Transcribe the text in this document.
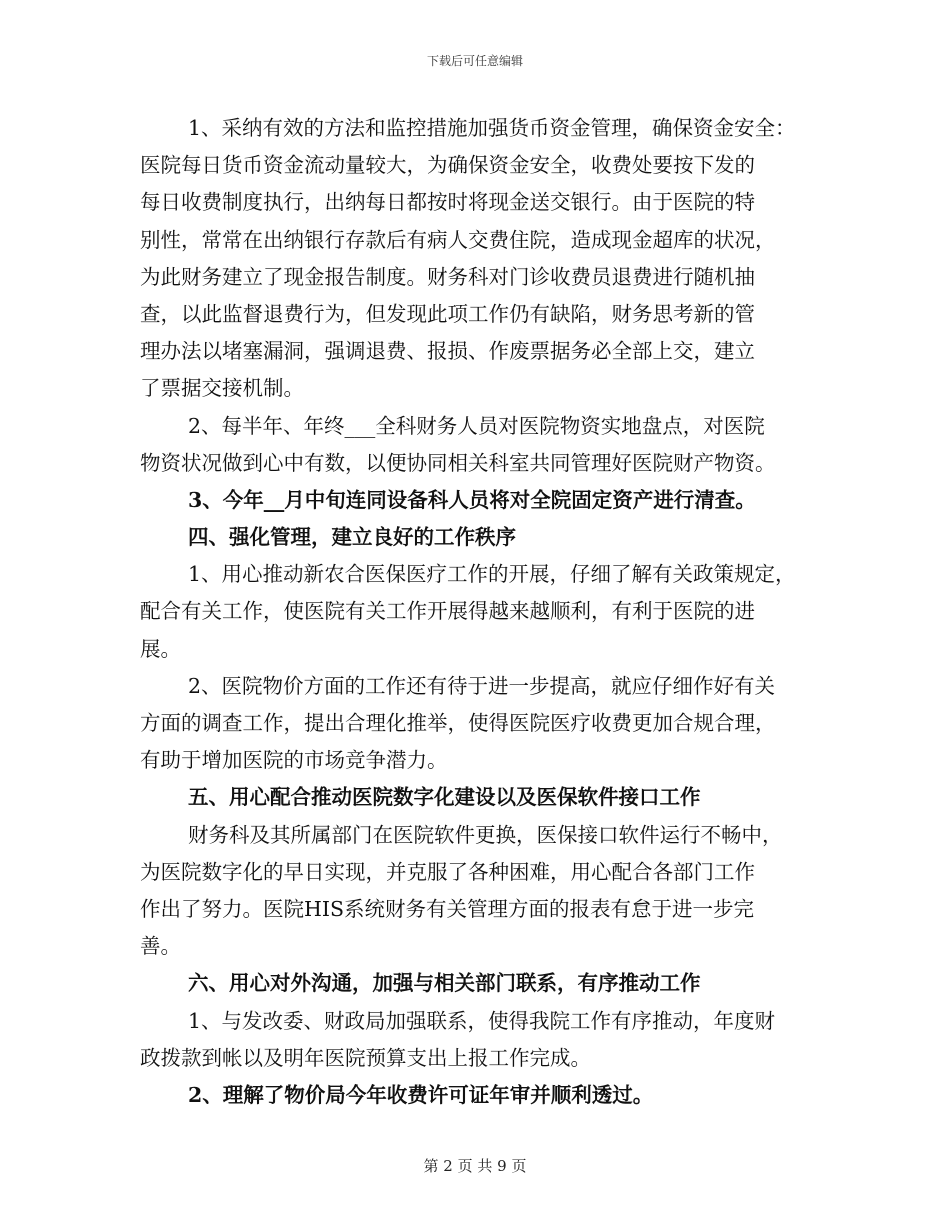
下载后可任意编辑
1、采纳有效的方法和监控措施加强货币资金管理，确保资金安全：
医院每日货币资金流动量较大，为确保资金安全，收费处要按下发的
每日收费制度执行，出纳每日都按时将现金送交银行。由于医院的特
别性，常常在出纳银行存款后有病人交费住院，造成现金超库的状况，
为此财务建立了现金报告制度。财务科对门诊收费员退费进行随机抽
查，以此监督退费行为，但发现此项工作仍有缺陷，财务思考新的管
理办法以堵塞漏洞，强调退费、报损、作废票据务必全部上交，建立
了票据交接机制。
2、每半年、年终___全科财务人员对医院物资实地盘点，对医院
物资状况做到心中有数，以便协同相关科室共同管理好医院财产物资。
3、今年__月中旬连同设备科人员将对全院固定资产进行清查。
四、强化管理，建立良好的工作秩序
1、用心推动新农合医保医疗工作的开展，仔细了解有关政策规定，
配合有关工作，使医院有关工作开展得越来越顺利，有利于医院的进
展。
2、医院物价方面的工作还有待于进一步提高，就应仔细作好有关
方面的调查工作，提出合理化推举，使得医院医疗收费更加合规合理，
有助于增加医院的市场竞争潜力。
五、用心配合推动医院数字化建设以及医保软件接口工作
财务科及其所属部门在医院软件更换，医保接口软件运行不畅中，
为医院数字化的早日实现，并克服了各种困难，用心配合各部门工作
作出了努力。医院HIS系统财务有关管理方面的报表有怠于进一步完
善。
六、用心对外沟通，加强与相关部门联系，有序推动工作
1、与发改委、财政局加强联系，使得我院工作有序推动，年度财
政拨款到帐以及明年医院预算支出上报工作完成。
2、理解了物价局今年收费许可证年审并顺利透过。
第 2 页 共 9 页
